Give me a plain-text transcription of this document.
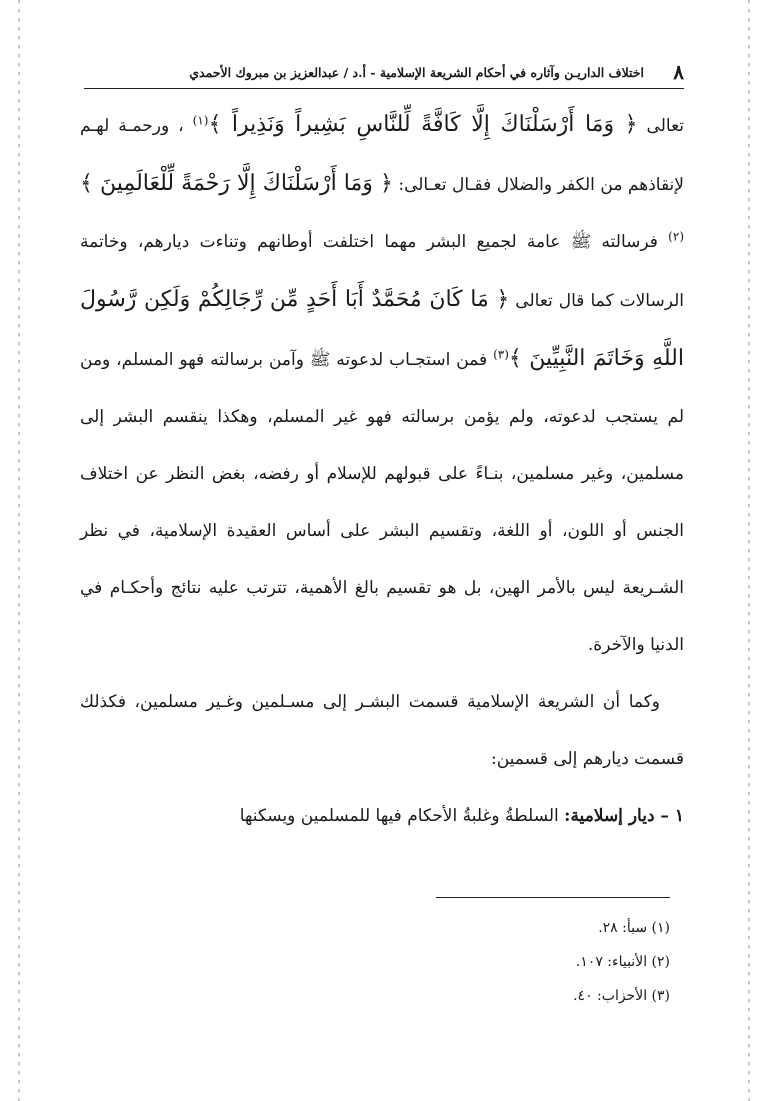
٨
اختلاف الداريـن وآثاره في أحكام الشريعة الإسلامية - أ.د / عبدالعزيز بن مبروك الأحمدي

تعالى ﴿ وَمَا أَرْسَلْنَاكَ إِلَّا كَافَّةً لِّلنَّاسِ بَشِيراً وَنَذِيراً ﴾$^{(١)}$ ، ورحمـة لهـم لإنقاذهم من الكفر والضلال فقـال تعـالى: ﴿ وَمَا أَرْسَلْنَاكَ إِلَّا رَحْمَةً لِّلْعَالَمِينَ ﴾$^{(٢)}$ فرسالته ﷺ عامة لجميع البشر مهما اختلفت أوطانهم وتناءت ديارهم، وخاتمة الرسالات كما قال تعالى ﴿ مَا كَانَ مُحَمَّدٌ أَبَا أَحَدٍ مِّن رِّجَالِكُمْ وَلَكِن رَّسُولَ اللَّهِ وَخَاتَمَ النَّبِيِّينَ ﴾$^{(٣)}$ فمن استجـاب لدعوته ﷺ وآمن برسالته فهو المسلم، ومن لم يستجب لدعوته، ولم يؤمن برسالته فهو غير المسلم، وهكذا ينقسم البشر إلى مسلمين، وغير مسلمين، بنـاءً على قبولهم للإسلام أو رفضه، بغض النظر عن اختلاف الجنس أو اللون، أو اللغة، وتقسيم البشر على أساس العقيدة الإسلامية، في نظر الشـريعة ليس بالأمر الهين، بل هو تقسيم بالغ الأهمية، تترتب عليه نتائج وأحكـام في الدنيا والآخرة.

وكما أن الشريعة الإسلامية قسمت البشـر إلى مسـلمين وغـير مسلمين، فكذلك قسمت ديارهم إلى قسمين:

١ – ديار إسلامية: السلطةُ وغلبةُ الأحكام فيها للمسلمين ويسكنها

(١) سبأ: ٢٨.
(٢) الأنبياء: ١٠٧.
(٣) الأحزاب: ٤٠.
